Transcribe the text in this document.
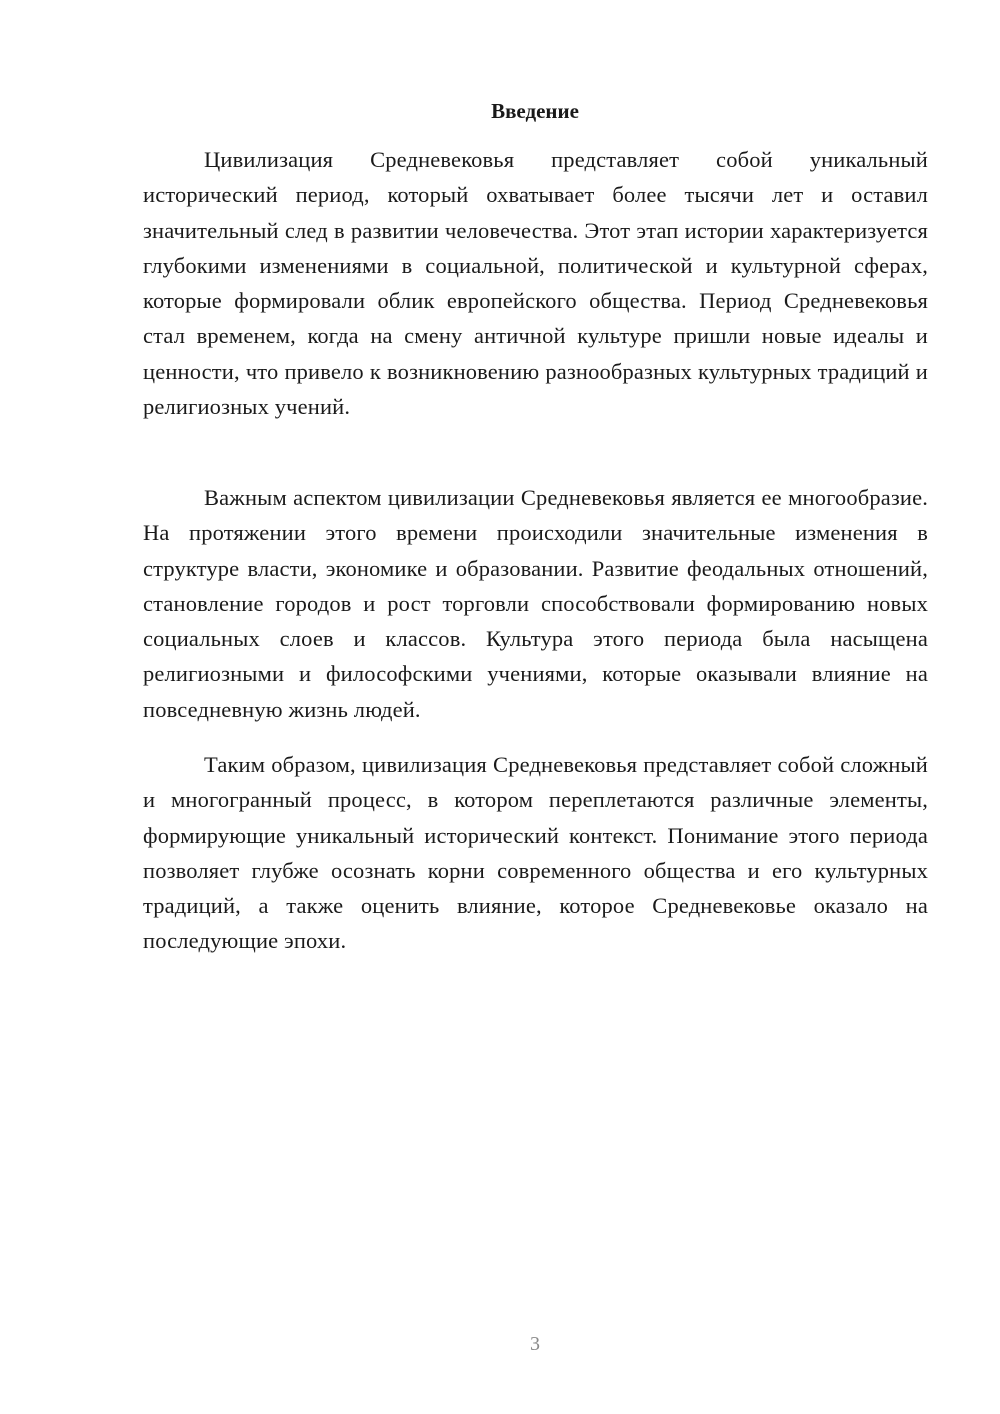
Введение

Цивилизация Средневековья представляет собой уникальный исторический период, который охватывает более тысячи лет и оставил значительный след в развитии человечества. Этот этап истории характеризуется глубокими изменениями в социальной, политической и культурной сферах, которые формировали облик европейского общества. Период Средневековья стал временем, когда на смену античной культуре пришли новые идеалы и ценности, что привело к возникновению разнообразных культурных традиций и религиозных учений.

Важным аспектом цивилизации Средневековья является ее многообразие. На протяжении этого времени происходили значительные изменения в структуре власти, экономике и образовании. Развитие феодальных отношений, становление городов и рост торговли способствовали формированию новых социальных слоев и классов. Культура этого периода была насыщена религиозными и философскими учениями, которые оказывали влияние на повседневную жизнь людей.

Таким образом, цивилизация Средневековья представляет собой сложный и многогранный процесс, в котором переплетаются различные элементы, формирующие уникальный исторический контекст. Понимание этого периода позволяет глубже осознать корни современного общества и его культурных традиций, а также оценить влияние, которое Средневековье оказало на последующие эпохи.

3
